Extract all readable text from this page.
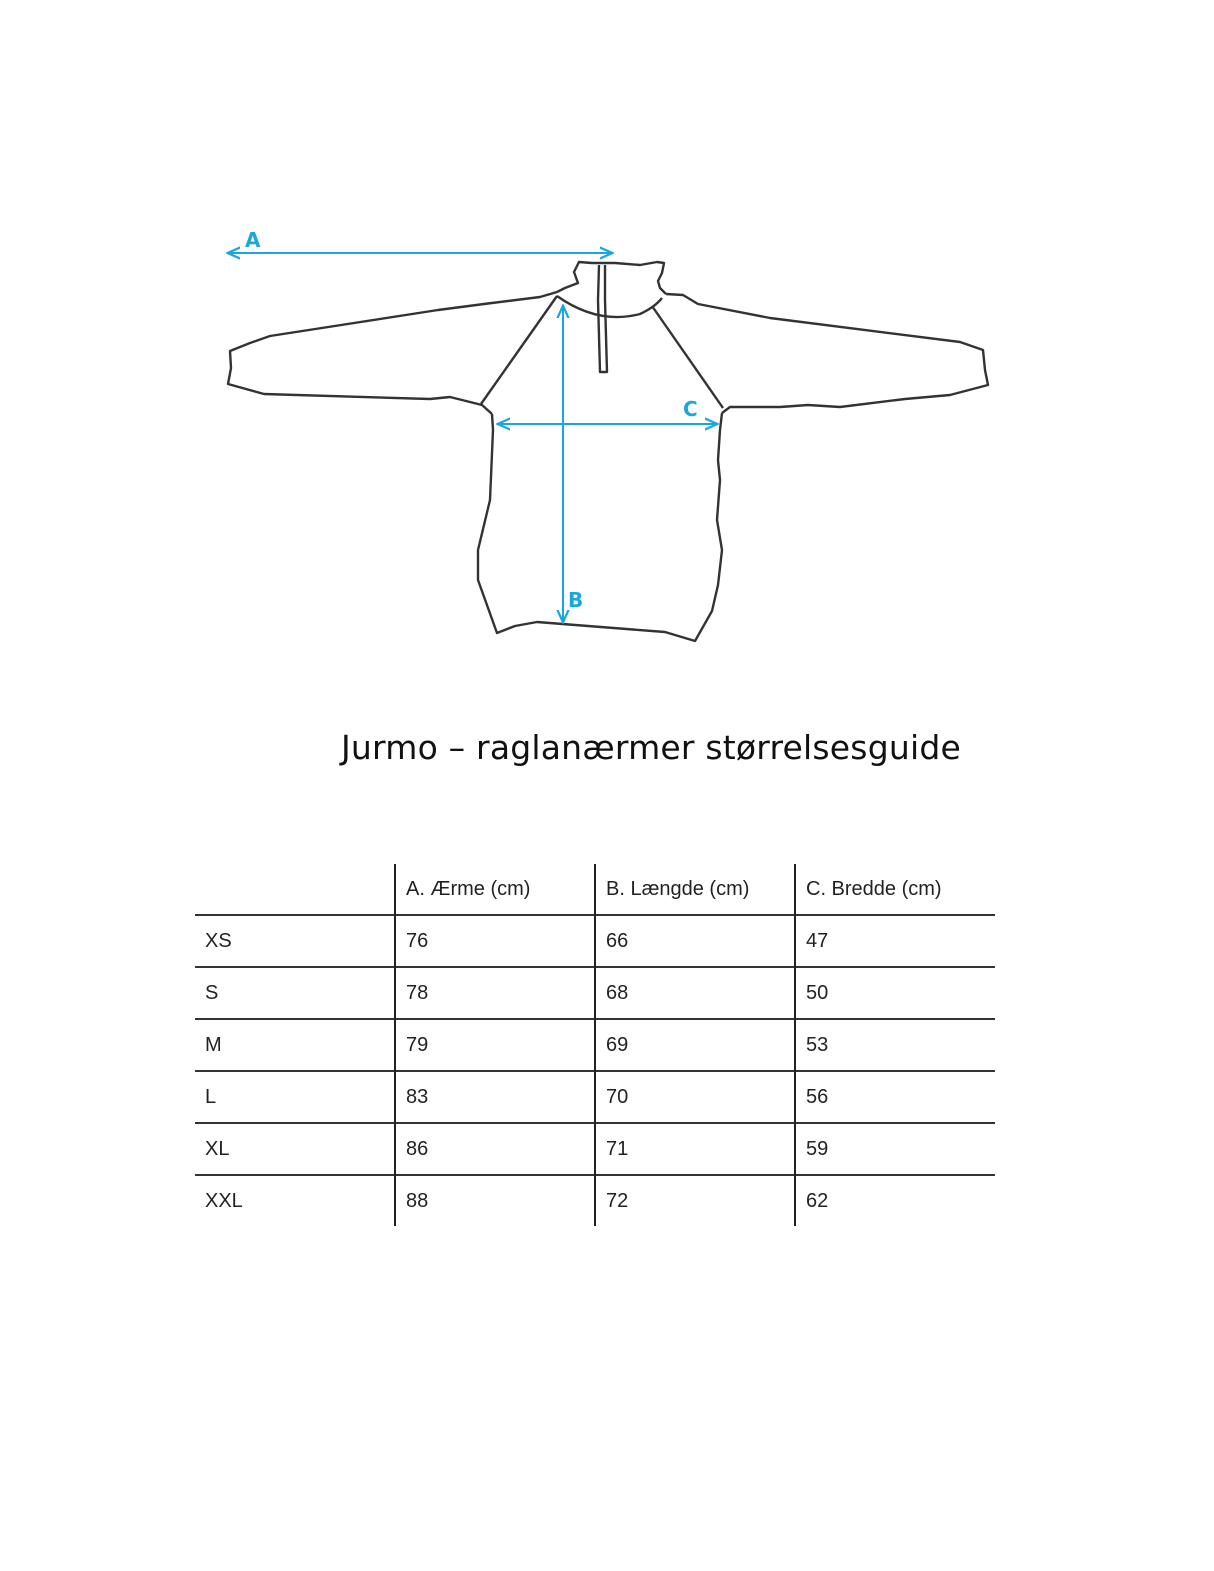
A
B
C
Jurmo – raglanærmer størrelsesguide
	A. Ærme (cm)	B. Længde (cm)	C. Bredde (cm)
XS	76	66	47
S	78	68	50
M	79	69	53
L	83	70	56
XL	86	71	59
XXL	88	72	62
